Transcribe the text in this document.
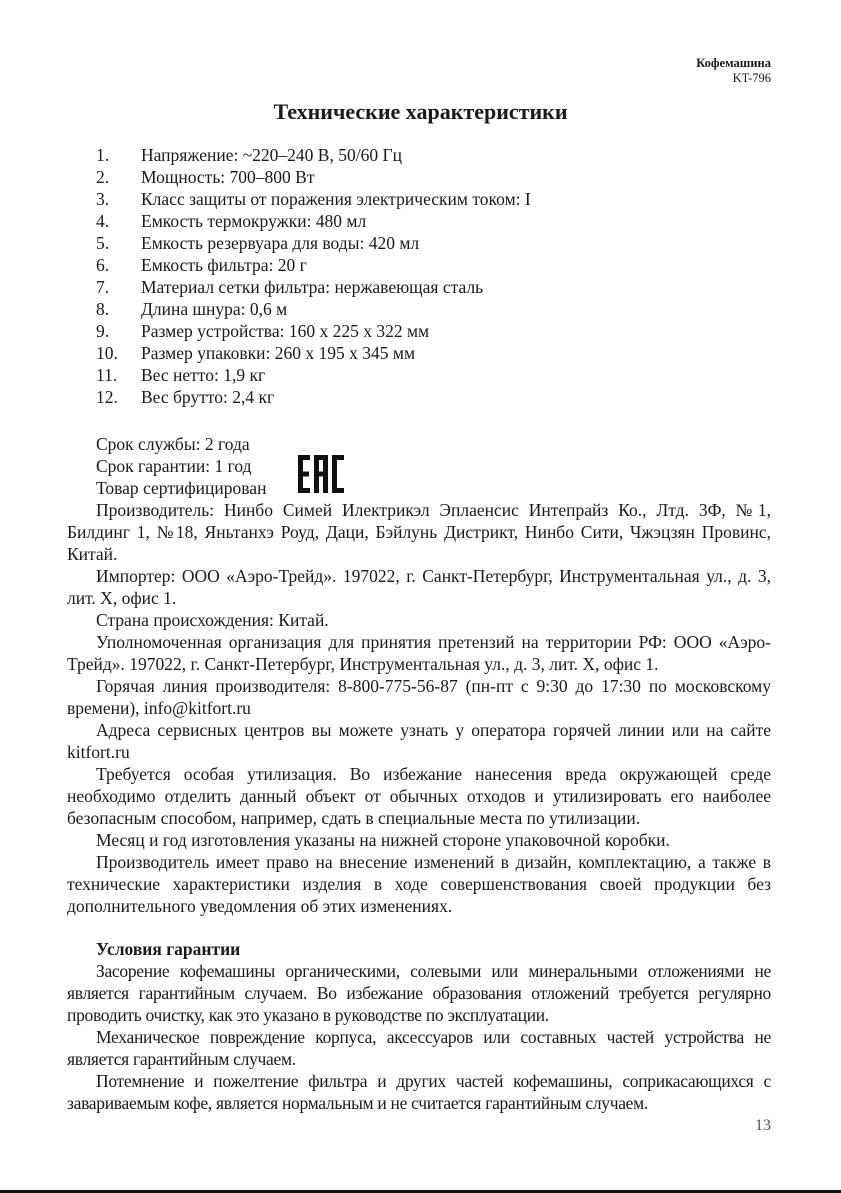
Кофемашина
KT-796
Технические характеристики
1. Напряжение: ~220–240 В, 50/60 Гц
2. Мощность: 700–800 Вт
3. Класс защиты от поражения электрическим током: I
4. Емкость термокружки: 480 мл
5. Емкость резервуара для воды: 420 мл
6. Емкость фильтра: 20 г
7. Материал сетки фильтра: нержавеющая сталь
8. Длина шнура: 0,6 м
9. Размер устройства: 160 х 225 х 322 мм
10. Размер упаковки: 260 х 195 х 345 мм
11. Вес нетто: 1,9 кг
12. Вес брутто: 2,4 кг
Срок службы: 2 года
Срок гарантии: 1 год
Товар сертифицирован

Производитель: Нинбо Симей Илектрикэл Эплаенсис Интепрайз Ко., Лтд. 3Ф, №1, Билдинг 1, №18, Яньтанхэ Роуд, Даци, Бэйлунь Дистрикт, Нинбо Сити, Чжэцзян Провинс, Китай.

Импортер: ООО «Аэро-Трейд». 197022, г. Санкт-Петербург, Инструментальная ул., д. 3, лит. Х, офис 1.

Страна происхождения: Китай.

Уполномоченная организация для принятия претензий на территории РФ: ООО «Аэро-Трейд». 197022, г. Санкт-Петербург, Инструментальная ул., д. 3, лит. Х, офис 1.

Горячая линия производителя: 8-800-775-56-87 (пн-пт с 9:30 до 17:30 по московскому времени), info@kitfort.ru

Адреса сервисных центров вы можете узнать у оператора горячей линии или на сайте kitfort.ru

Требуется особая утилизация. Во избежание нанесения вреда окружающей среде необходимо отделить данный объект от обычных отходов и утилизировать его наиболее безопасным способом, например, сдать в специальные места по утилизации.

Месяц и год изготовления указаны на нижней стороне упаковочной коробки.

Производитель имеет право на внесение изменений в дизайн, комплектацию, а также в технические характеристики изделия в ходе совершенствования своей продукции без дополнительного уведомления об этих изменениях.

Условия гарантии

Засорение кофемашины органическими, солевыми или минеральными отложениями не является гарантийным случаем. Во избежание образования отложений требуется регулярно проводить очистку, как это указано в руководстве по эксплуатации.

Механическое повреждение корпуса, аксессуаров или составных частей устройства не является гарантийным случаем.

Потемнение и пожелтение фильтра и других частей кофемашины, соприкасающихся с завариваемым кофе, является нормальным и не считается гарантийным случаем.

13
